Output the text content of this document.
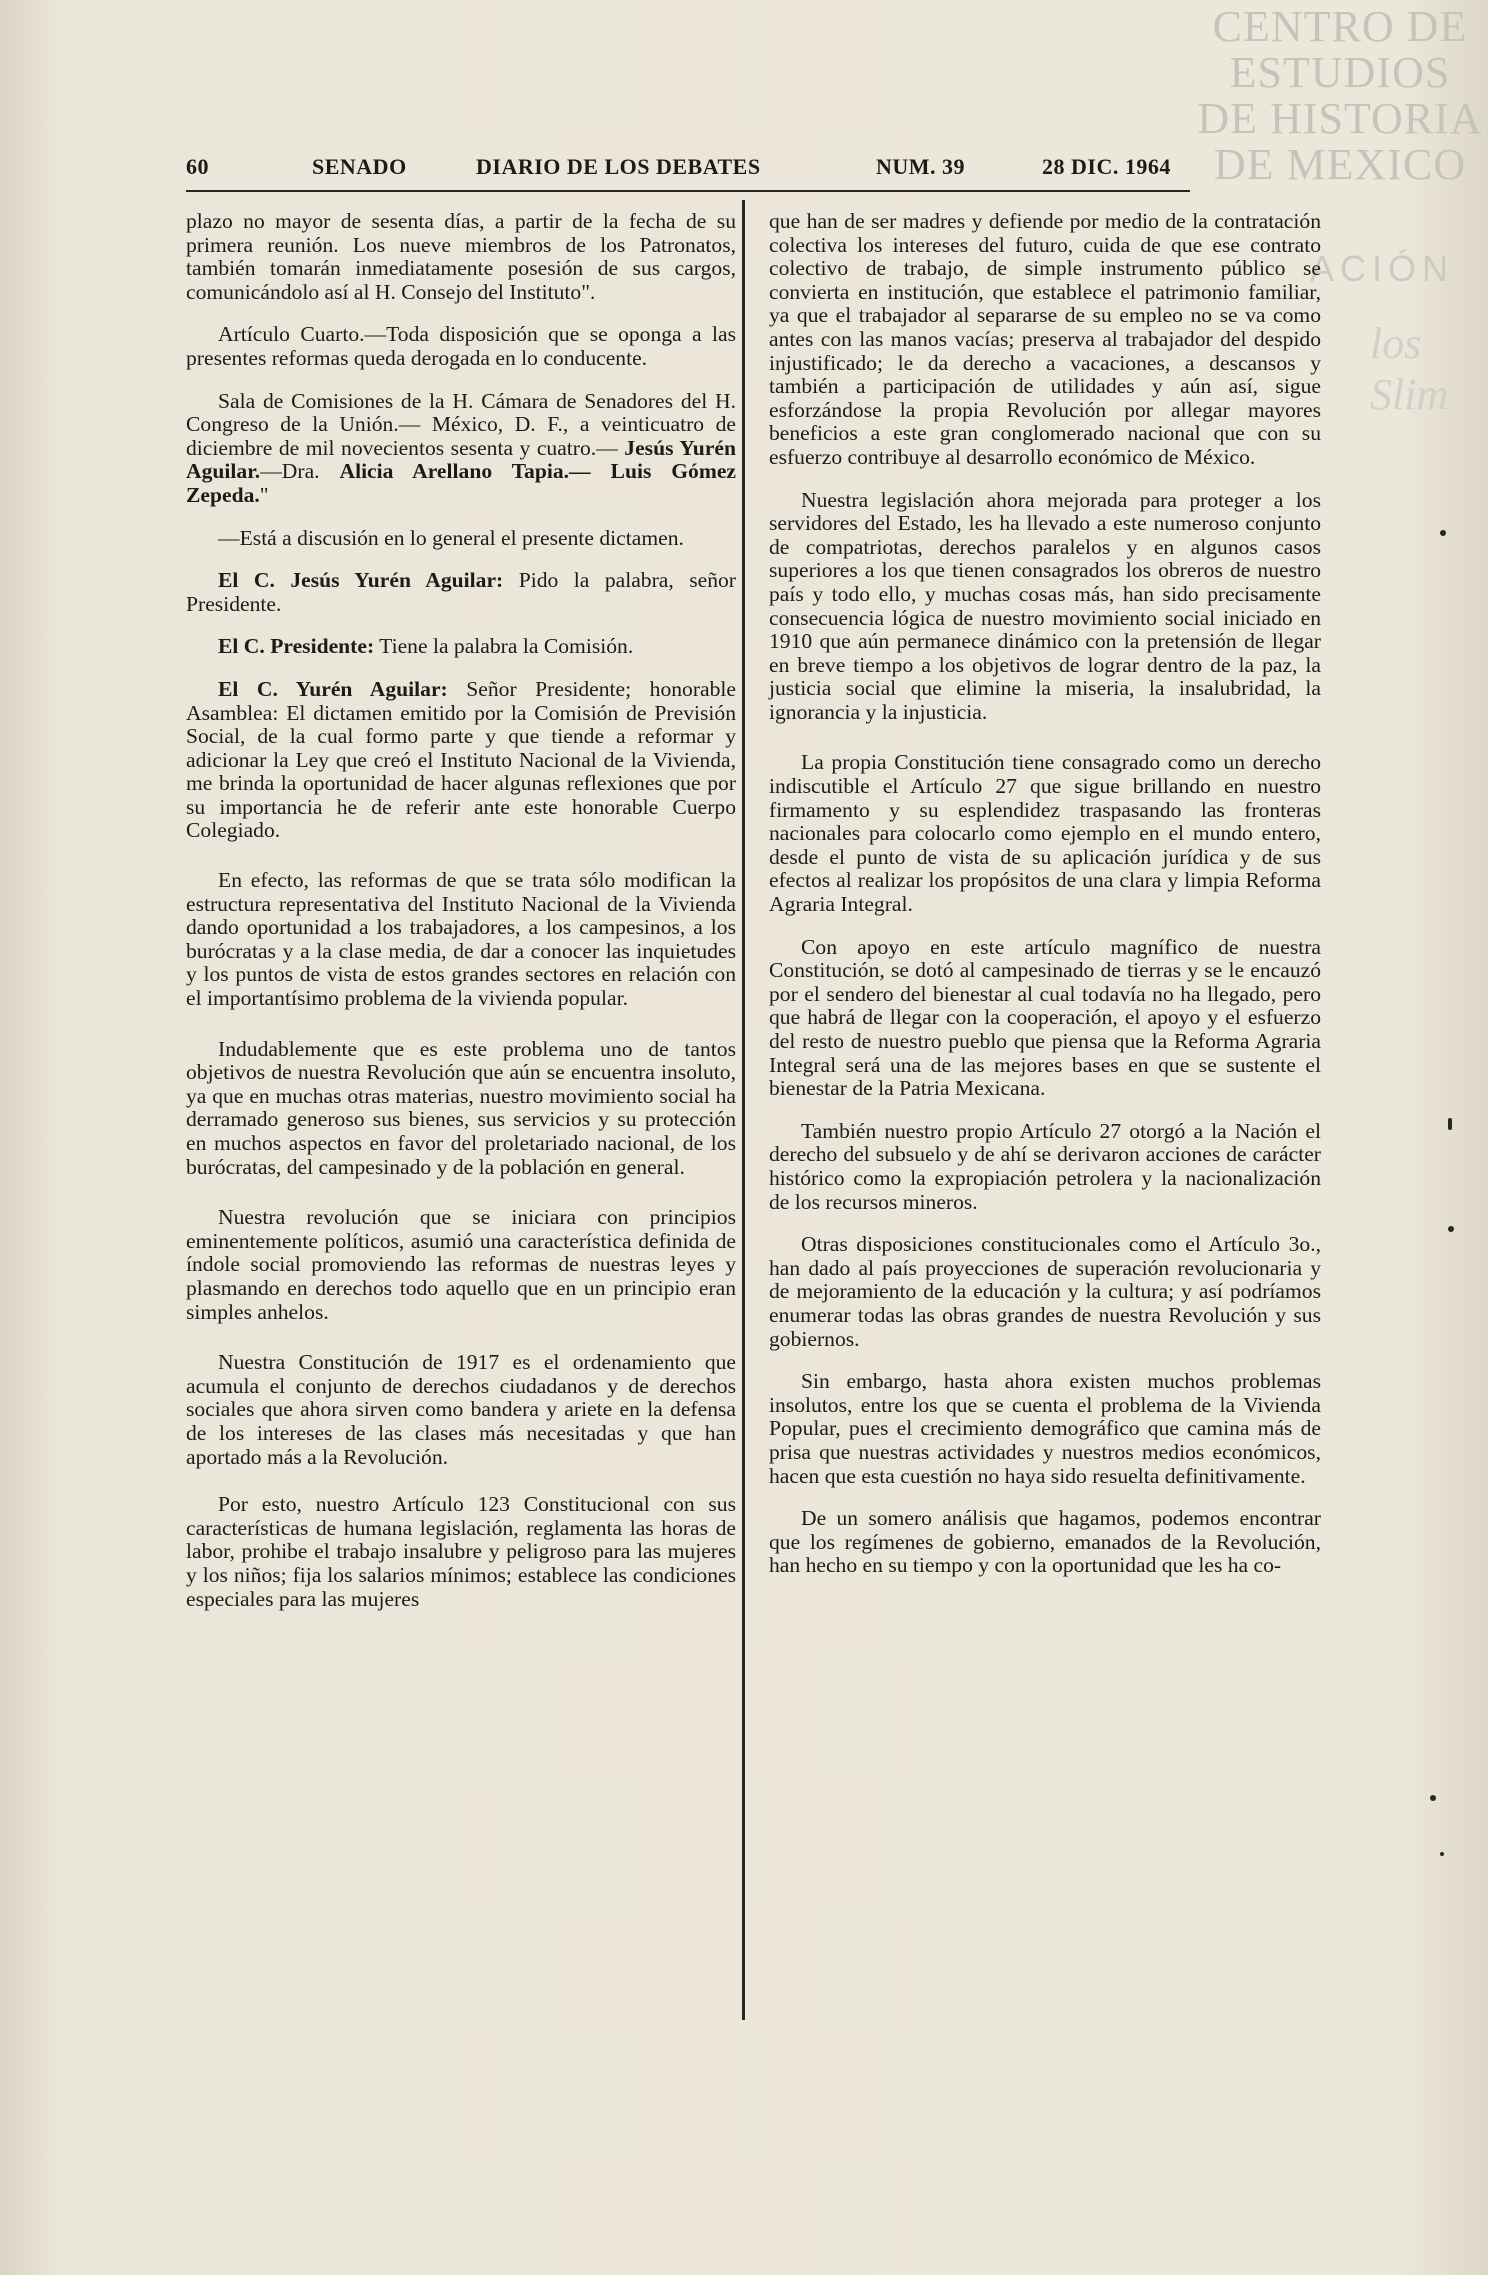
CENTRO DE
ESTUDIOS
DE HISTORIA
DE MEXICO
ACIÓN
los Slim
60	SENADO	DIARIO DE LOS DEBATES	NUM. 39	28 DIC. 1964

plazo no mayor de sesenta días, a partir de la fecha de su primera reunión. Los nueve miembros de los Patronatos, también tomarán inmediatamente posesión de sus cargos, comunicándolo así al H. Consejo del Instituto".

Artículo Cuarto.—Toda disposición que se oponga a las presentes reformas queda derogada en lo conducente.

Sala de Comisiones de la H. Cámara de Senadores del H. Congreso de la Unión.— México, D. F., a veinticuatro de diciembre de mil novecientos sesenta y cuatro.— Jesús Yurén Aguilar.—Dra. Alicia Arellano Tapia.— Luis Gómez Zepeda."

—Está a discusión en lo general el presente dictamen.

El C. Jesús Yurén Aguilar: Pido la palabra, señor Presidente.

El C. Presidente: Tiene la palabra la Comisión.

El C. Yurén Aguilar: Señor Presidente; honorable Asamblea: El dictamen emitido por la Comisión de Previsión Social, de la cual formo parte y que tiende a reformar y adicionar la Ley que creó el Instituto Nacional de la Vivienda, me brinda la oportunidad de hacer algunas reflexiones que por su importancia he de referir ante este honorable Cuerpo Colegiado.

En efecto, las reformas de que se trata sólo modifican la estructura representativa del Instituto Nacional de la Vivienda dando oportunidad a los trabajadores, a los campesinos, a los burócratas y a la clase media, de dar a conocer las inquietudes y los puntos de vista de estos grandes sectores en relación con el importantísimo problema de la vivienda popular.

Indudablemente que es este problema uno de tantos objetivos de nuestra Revolución que aún se encuentra insoluto, ya que en muchas otras materias, nuestro movimiento social ha derramado generoso sus bienes, sus servicios y su protección en muchos aspectos en favor del proletariado nacional, de los burócratas, del campesinado y de la población en general.

Nuestra revolución que se iniciara con principios eminentemente políticos, asumió una característica definida de índole social promoviendo las reformas de nuestras leyes y plasmando en derechos todo aquello que en un principio eran simples anhelos.

Nuestra Constitución de 1917 es el ordenamiento que acumula el conjunto de derechos ciudadanos y de derechos sociales que ahora sirven como bandera y ariete en la defensa de los intereses de las clases más necesitadas y que han aportado más a la Revolución.

Por esto, nuestro Artículo 123 Constitucional con sus características de humana legislación, reglamenta las horas de labor, prohibe el trabajo insalubre y peligroso para las mujeres y los niños; fija los salarios mínimos; establece las condiciones especiales para las mujeres

que han de ser madres y defiende por medio de la contratación colectiva los intereses del futuro, cuida de que ese contrato colectivo de trabajo, de simple instrumento público se convierta en institución, que establece el patrimonio familiar, ya que el trabajador al separarse de su empleo no se va como antes con las manos vacías; preserva al trabajador del despido injustificado; le da derecho a vacaciones, a descansos y también a participación de utilidades y aún así, sigue esforzándose la propia Revolución por allegar mayores beneficios a este gran conglomerado nacional que con su esfuerzo contribuye al desarrollo económico de México.

Nuestra legislación ahora mejorada para proteger a los servidores del Estado, les ha llevado a este numeroso conjunto de compatriotas, derechos paralelos y en algunos casos superiores a los que tienen consagrados los obreros de nuestro país y todo ello, y muchas cosas más, han sido precisamente consecuencia lógica de nuestro movimiento social iniciado en 1910 que aún permanece dinámico con la pretensión de llegar en breve tiempo a los objetivos de lograr dentro de la paz, la justicia social que elimine la miseria, la insalubridad, la ignorancia y la injusticia.

La propia Constitución tiene consagrado como un derecho indiscutible el Artículo 27 que sigue brillando en nuestro firmamento y su esplendidez traspasando las fronteras nacionales para colocarlo como ejemplo en el mundo entero, desde el punto de vista de su aplicación jurídica y de sus efectos al realizar los propósitos de una clara y limpia Reforma Agraria Integral.

Con apoyo en este artículo magnífico de nuestra Constitución, se dotó al campesinado de tierras y se le encauzó por el sendero del bienestar al cual todavía no ha llegado, pero que habrá de llegar con la cooperación, el apoyo y el esfuerzo del resto de nuestro pueblo que piensa que la Reforma Agraria Integral será una de las mejores bases en que se sustente el bienestar de la Patria Mexicana.

También nuestro propio Artículo 27 otorgó a la Nación el derecho del subsuelo y de ahí se derivaron acciones de carácter histórico como la expropiación petrolera y la nacionalización de los recursos mineros.

Otras disposiciones constitucionales como el Artículo 3o., han dado al país proyecciones de superación revolucionaria y de mejoramiento de la educación y la cultura; y así podríamos enumerar todas las obras grandes de nuestra Revolución y sus gobiernos.

Sin embargo, hasta ahora existen muchos problemas insolutos, entre los que se cuenta el problema de la Vivienda Popular, pues el crecimiento demográfico que camina más de prisa que nuestras actividades y nuestros medios económicos, hacen que esta cuestión no haya sido resuelta definitivamente.

De un somero análisis que hagamos, podemos encontrar que los regímenes de gobierno, emanados de la Revolución, han hecho en su tiempo y con la oportunidad que les ha co-
